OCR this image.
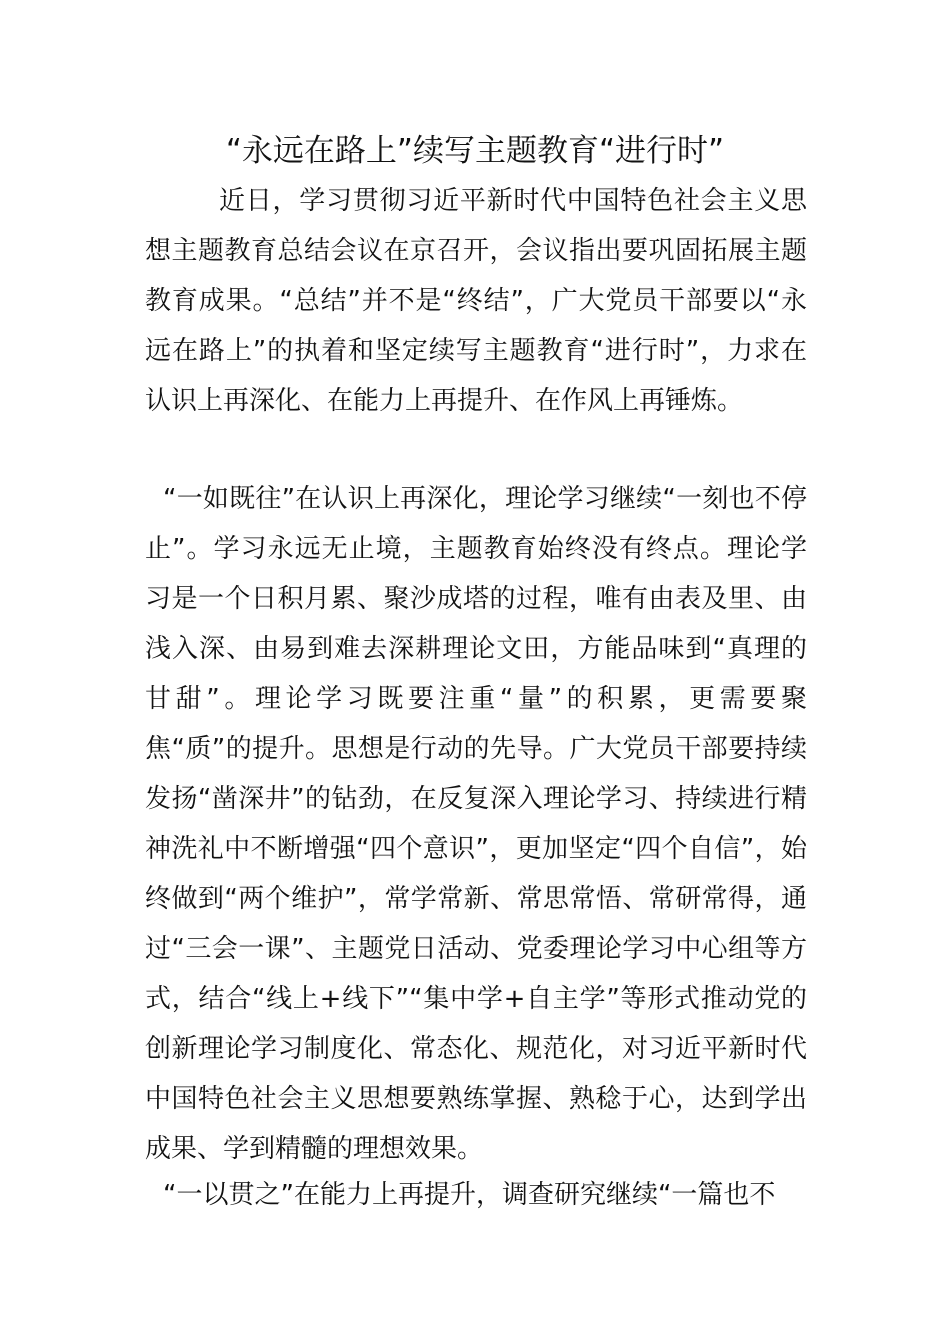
“永远在路上”续写主题教育“进行时”

近日，学习贯彻习近平新时代中国特色社会主义思想主题教育总结会议在京召开，会议指出要巩固拓展主题教育成果。“总结”并不是“终结”，广大党员干部要以“永远在路上”的执着和坚定续写主题教育“进行时”，力求在认识上再深化、在能力上再提升、在作风上再锤炼。

“一如既往”在认识上再深化，理论学习继续“一刻也不停止”。学习永远无止境，主题教育始终没有终点。理论学习是一个日积月累、聚沙成塔的过程，唯有由表及里、由浅入深、由易到难去深耕理论文田，方能品味到“真理的甘甜”。理论学习既要注重“量”的积累，更需要聚焦“质”的提升。思想是行动的先导。广大党员干部要持续发扬“凿深井”的钻劲，在反复深入理论学习、持续进行精神洗礼中不断增强“四个意识”，更加坚定“四个自信”，始终做到“两个维护”，常学常新、常思常悟、常研常得，通过“三会一课”、主题党日活动、党委理论学习中心组等方式，结合“线上+线下”“集中学+自主学”等形式推动党的创新理论学习制度化、常态化、规范化，对习近平新时代中国特色社会主义思想要熟练掌握、熟稔于心，达到学出成果、学到精髓的理想效果。

“一以贯之”在能力上再提升，调查研究继续“一篇也不
